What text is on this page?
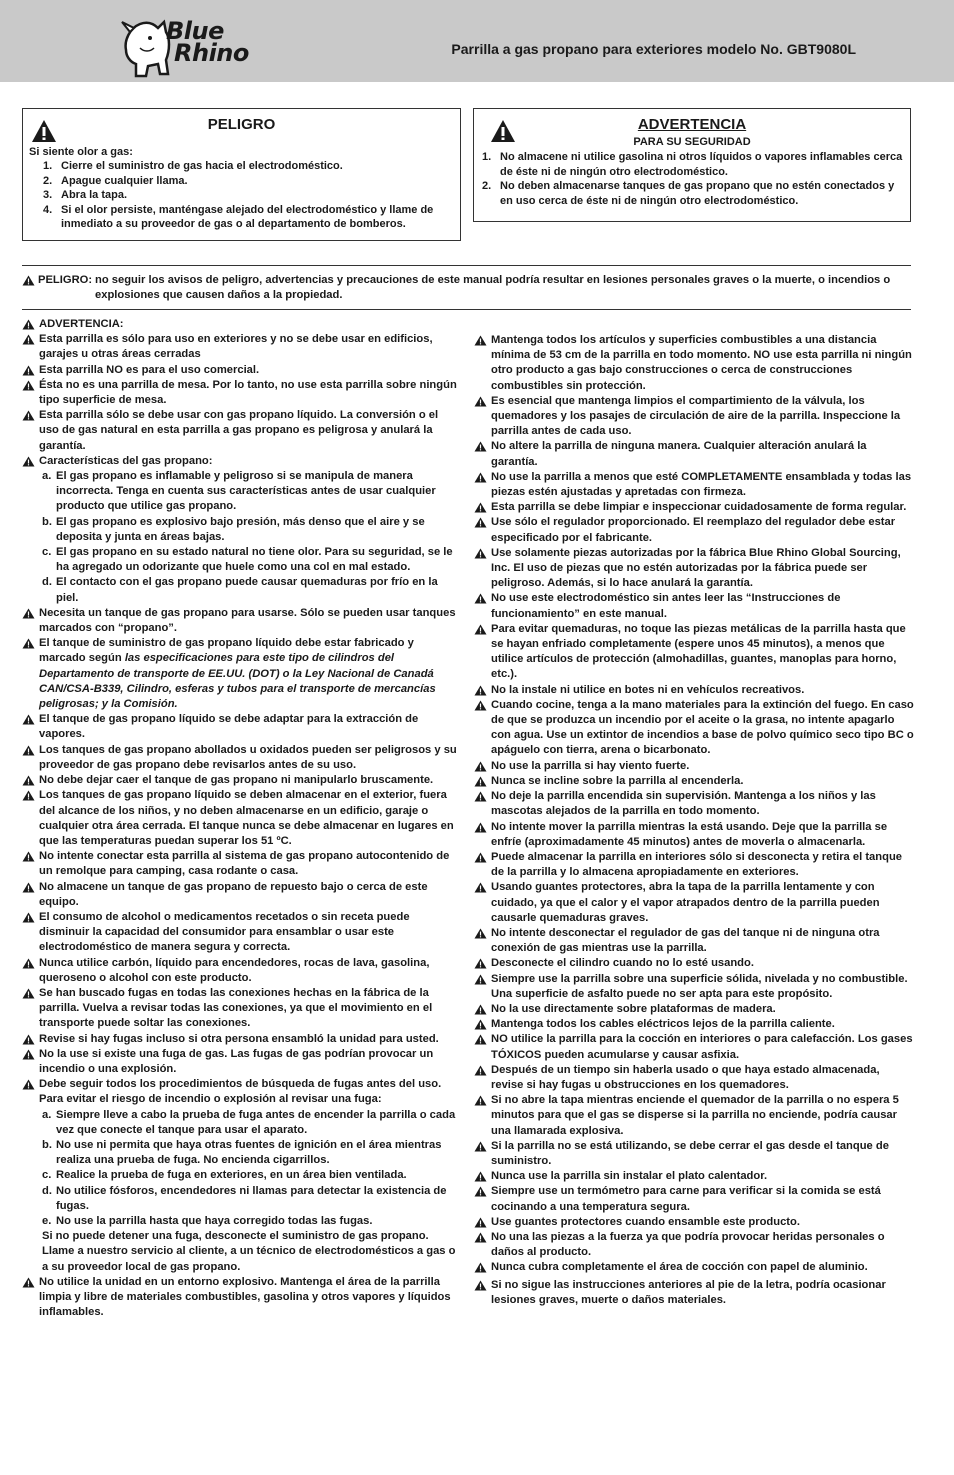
Blue
Rhino	Parrilla a gas propano para exteriores modelo No. GBT9080L
PELIGRO
Si siente olor a gas:
1. Cierre el suministro de gas hacia el electrodoméstico.
2. Apague cualquier llama.
3. Abra la tapa.
4. Si el olor persiste, manténgase alejado del electrodoméstico y llame de inmediato a su proveedor de gas o al departamento de bomberos.
ADVERTENCIA
PARA SU SEGURIDAD
1. No almacene ni utilice gasolina ni otros líquidos o vapores inflamables cerca de éste ni de ningún otro electrodoméstico.
2. No deben almacenarse tanques de gas propano que no estén conectados y en uso cerca de éste ni de ningún otro electrodoméstico.
PELIGRO: no seguir los avisos de peligro, advertencias y precauciones de este manual podría resultar en lesiones personales graves o la muerte, o incendios o explosiones que causen daños a la propiedad.
ADVERTENCIA:
Esta parrilla es sólo para uso en exteriores y no se debe usar en edificios, garajes u otras áreas cerradas
Esta parrilla NO es para el uso comercial.
Ésta no es una parrilla de mesa. Por lo tanto, no use esta parrilla sobre ningún tipo superficie de mesa.
Esta parrilla sólo se debe usar con gas propano líquido. La conversión o el uso de gas natural en esta parrilla a gas propano es peligrosa y anulará la garantía.
Características del gas propano:
a. El gas propano es inflamable y peligroso si se manipula de manera incorrecta. Tenga en cuenta sus características antes de usar cualquier producto que utilice gas propano.
b. El gas propano es explosivo bajo presión, más denso que el aire y se deposita y junta en áreas bajas.
c. El gas propano en su estado natural no tiene olor. Para su seguridad, se le ha agregado un odorizante que huele como una col en mal estado.
d. El contacto con el gas propano puede causar quemaduras por frío en la piel.
Necesita un tanque de gas propano para usarse. Sólo se pueden usar tanques marcados con “propano”.
El tanque de suministro de gas propano líquido debe estar fabricado y marcado según las especificaciones para este tipo de cilindros del Departamento de transporte de EE.UU. (DOT) o la Ley Nacional de Canadá CAN/CSA-B339, Cilindro, esferas y tubos para el transporte de mercancías peligrosas; y la Comisión.
El tanque de gas propano líquido se debe adaptar para la extracción de vapores.
Los tanques de gas propano abollados u oxidados pueden ser peligrosos y su proveedor de gas propano debe revisarlos antes de su uso.
No debe dejar caer el tanque de gas propano ni manipularlo bruscamente.
Los tanques de gas propano líquido se deben almacenar en el exterior, fuera del alcance de los niños, y no deben almacenarse en un edificio, garaje o cualquier otra área cerrada. El tanque nunca se debe almacenar en lugares en que las temperaturas puedan superar los 51 ºC.
No intente conectar esta parrilla al sistema de gas propano autocontenido de un remolque para camping, casa rodante o casa.
No almacene un tanque de gas propano de repuesto bajo o cerca de este equipo.
El consumo de alcohol o medicamentos recetados o sin receta puede disminuir la capacidad del consumidor para ensamblar o usar este electrodoméstico de manera segura y correcta.
Nunca utilice carbón, líquido para encendedores, rocas de lava, gasolina, queroseno o alcohol con este producto.
Se han buscado fugas en todas las conexiones hechas en la fábrica de la parrilla. Vuelva a revisar todas las conexiones, ya que el movimiento en el transporte puede soltar las conexiones.
Revise si hay fugas incluso si otra persona ensambló la unidad para usted.
No la use si existe una fuga de gas. Las fugas de gas podrían provocar un incendio o una explosión.
Debe seguir todos los procedimientos de búsqueda de fugas antes del uso. Para evitar el riesgo de incendio o explosión al revisar una fuga:
a. Siempre lleve a cabo la prueba de fuga antes de encender la parrilla o cada vez que conecte el tanque para usar el aparato.
b. No use ni permita que haya otras fuentes de ignición en el área mientras realiza una prueba de fuga. No encienda cigarrillos.
c. Realice la prueba de fuga en exteriores, en un área bien ventilada.
d. No utilice fósforos, encendedores ni llamas para detectar la existencia de fugas.
e. No use la parrilla hasta que haya corregido todas las fugas.
Si no puede detener una fuga, desconecte el suministro de gas propano. Llame a nuestro servicio al cliente, a un técnico de electrodomésticos a gas o a su proveedor local de gas propano.
No utilice la unidad en un entorno explosivo. Mantenga el área de la parrilla limpia y libre de materiales combustibles, gasolina y otros vapores y líquidos inflamables.
Mantenga todos los artículos y superficies combustibles a una distancia mínima de 53 cm de la parrilla en todo momento. NO use esta parrilla ni ningún otro producto a gas bajo construcciones o cerca de construcciones combustibles sin protección.
Es esencial que mantenga limpios el compartimiento de la válvula, los quemadores y los pasajes de circulación de aire de la parrilla. Inspeccione la parrilla antes de cada uso.
No altere la parrilla de ninguna manera. Cualquier alteración anulará la garantía.
No use la parrilla a menos que esté COMPLETAMENTE ensamblada y todas las piezas estén ajustadas y apretadas con firmeza.
Esta parrilla se debe limpiar e inspeccionar cuidadosamente de forma regular.
Use sólo el regulador proporcionado. El reemplazo del regulador debe estar especificado por el fabricante.
Use solamente piezas autorizadas por la fábrica Blue Rhino Global Sourcing, Inc. El uso de piezas que no estén autorizadas por la fábrica puede ser peligroso. Además, si lo hace anulará la garantía.
No use este electrodoméstico sin antes leer las “Instrucciones de funcionamiento” en este manual.
Para evitar quemaduras, no toque las piezas metálicas de la parrilla hasta que se hayan enfriado completamente (espere unos 45 minutos), a menos que utilice artículos de protección (almohadillas, guantes, manoplas para horno, etc.).
No la instale ni utilice en botes ni en vehículos recreativos.
Cuando cocine, tenga a la mano materiales para la extinción del fuego. En caso de que se produzca un incendio por el aceite o la grasa, no intente apagarlo con agua. Use un extintor de incendios a base de polvo químico seco tipo BC o apáguelo con tierra, arena o bicarbonato.
No use la parrilla si hay viento fuerte.
Nunca se incline sobre la parrilla al encenderla.
No deje la parrilla encendida sin supervisión. Mantenga a los niños y las mascotas alejados de la parrilla en todo momento.
No intente mover la parrilla mientras la está usando. Deje que la parrilla se enfríe (aproximadamente 45 minutos) antes de moverla o almacenarla.
Puede almacenar la parrilla en interiores sólo si desconecta y retira el tanque de la parrilla y lo almacena apropiadamente en exteriores.
Usando guantes protectores, abra la tapa de la parrilla lentamente y con cuidado, ya que el calor y el vapor atrapados dentro de la parrilla pueden causarle quemaduras graves.
No intente desconectar el regulador de gas del tanque ni de ninguna otra conexión de gas mientras use la parrilla.
Desconecte el cilindro cuando no lo esté usando.
Siempre use la parrilla sobre una superficie sólida, nivelada y no combustible. Una superficie de asfalto puede no ser apta para este propósito.
No la use directamente sobre plataformas de madera.
Mantenga todos los cables eléctricos lejos de la parrilla caliente.
NO utilice la parrilla para la cocción en interiores o para calefacción. Los gases TÓXICOS pueden acumularse y causar asfixia.
Después de un tiempo sin haberla usado o que haya estado almacenada, revise si hay fugas u obstrucciones en los quemadores.
Si no abre la tapa mientras enciende el quemador de la parrilla o no espera 5 minutos para que el gas se disperse si la parrilla no enciende, podría causar una llamarada explosiva.
Si la parrilla no se está utilizando, se debe cerrar el gas desde el tanque de suministro.
Nunca use la parrilla sin instalar el plato calentador.
Siempre use un termómetro para carne para verificar si la comida se está cocinando a una temperatura segura.
Use guantes protectores cuando ensamble este producto.
No una las piezas a la fuerza ya que podría provocar heridas personales o daños al producto.
Nunca cubra completamente el área de cocción con papel de aluminio.
Si no sigue las instrucciones anteriores al pie de la letra, podría ocasionar lesiones graves, muerte o daños materiales.
